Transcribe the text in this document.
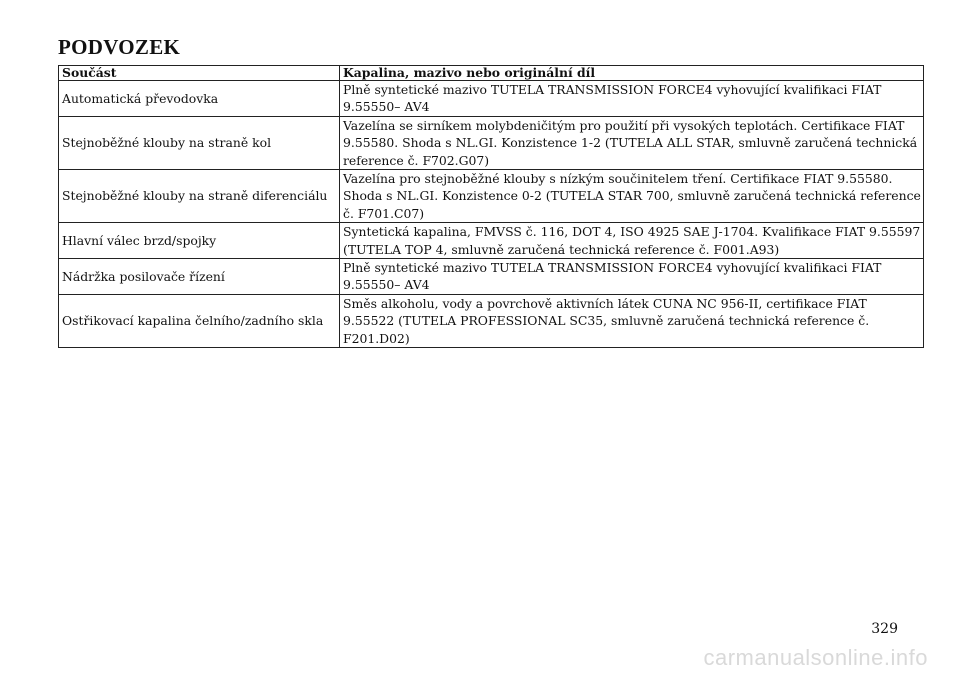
PODVOZEK
Součást	Kapalina, mazivo nebo originální díl
Automatická převodovka	Plně syntetické mazivo TUTELA TRANSMISSION FORCE4 vyhovující kvalifikaci FIAT 9.55550– AV4
Stejnoběžné klouby na straně kol	Vazelína se sirníkem molybdeničitým pro použití při vysokých teplotách. Certifikace FIAT 9.55580. Shoda s NL.GI. Konzistence 1-2 (TUTELA ALL STAR, smluvně zaručená technická reference č. F702.G07)
Stejnoběžné klouby na straně diferenciálu	Vazelína pro stejnoběžné klouby s nízkým součinitelem tření. Certifikace FIAT 9.55580. Shoda s NL.GI. Konzistence 0-2 (TUTELA STAR 700, smluvně zaručená technická reference č. F701.C07)
Hlavní válec brzd/spojky	Syntetická kapalina, FMVSS č. 116, DOT 4, ISO 4925 SAE J-1704. Kvalifikace FIAT 9.55597 (TUTELA TOP 4, smluvně zaručená technická reference č. F001.A93)
Nádržka posilovače řízení	Plně syntetické mazivo TUTELA TRANSMISSION FORCE4 vyhovující kvalifikaci FIAT 9.55550– AV4
Ostřikovací kapalina čelního/zadního skla	Směs alkoholu, vody a povrchově aktivních látek CUNA NC 956-II, certifikace FIAT 9.55522 (TUTELA PROFESSIONAL SC35, smluvně zaručená technická reference č. F201.D02)
329
carmanualsonline.info
